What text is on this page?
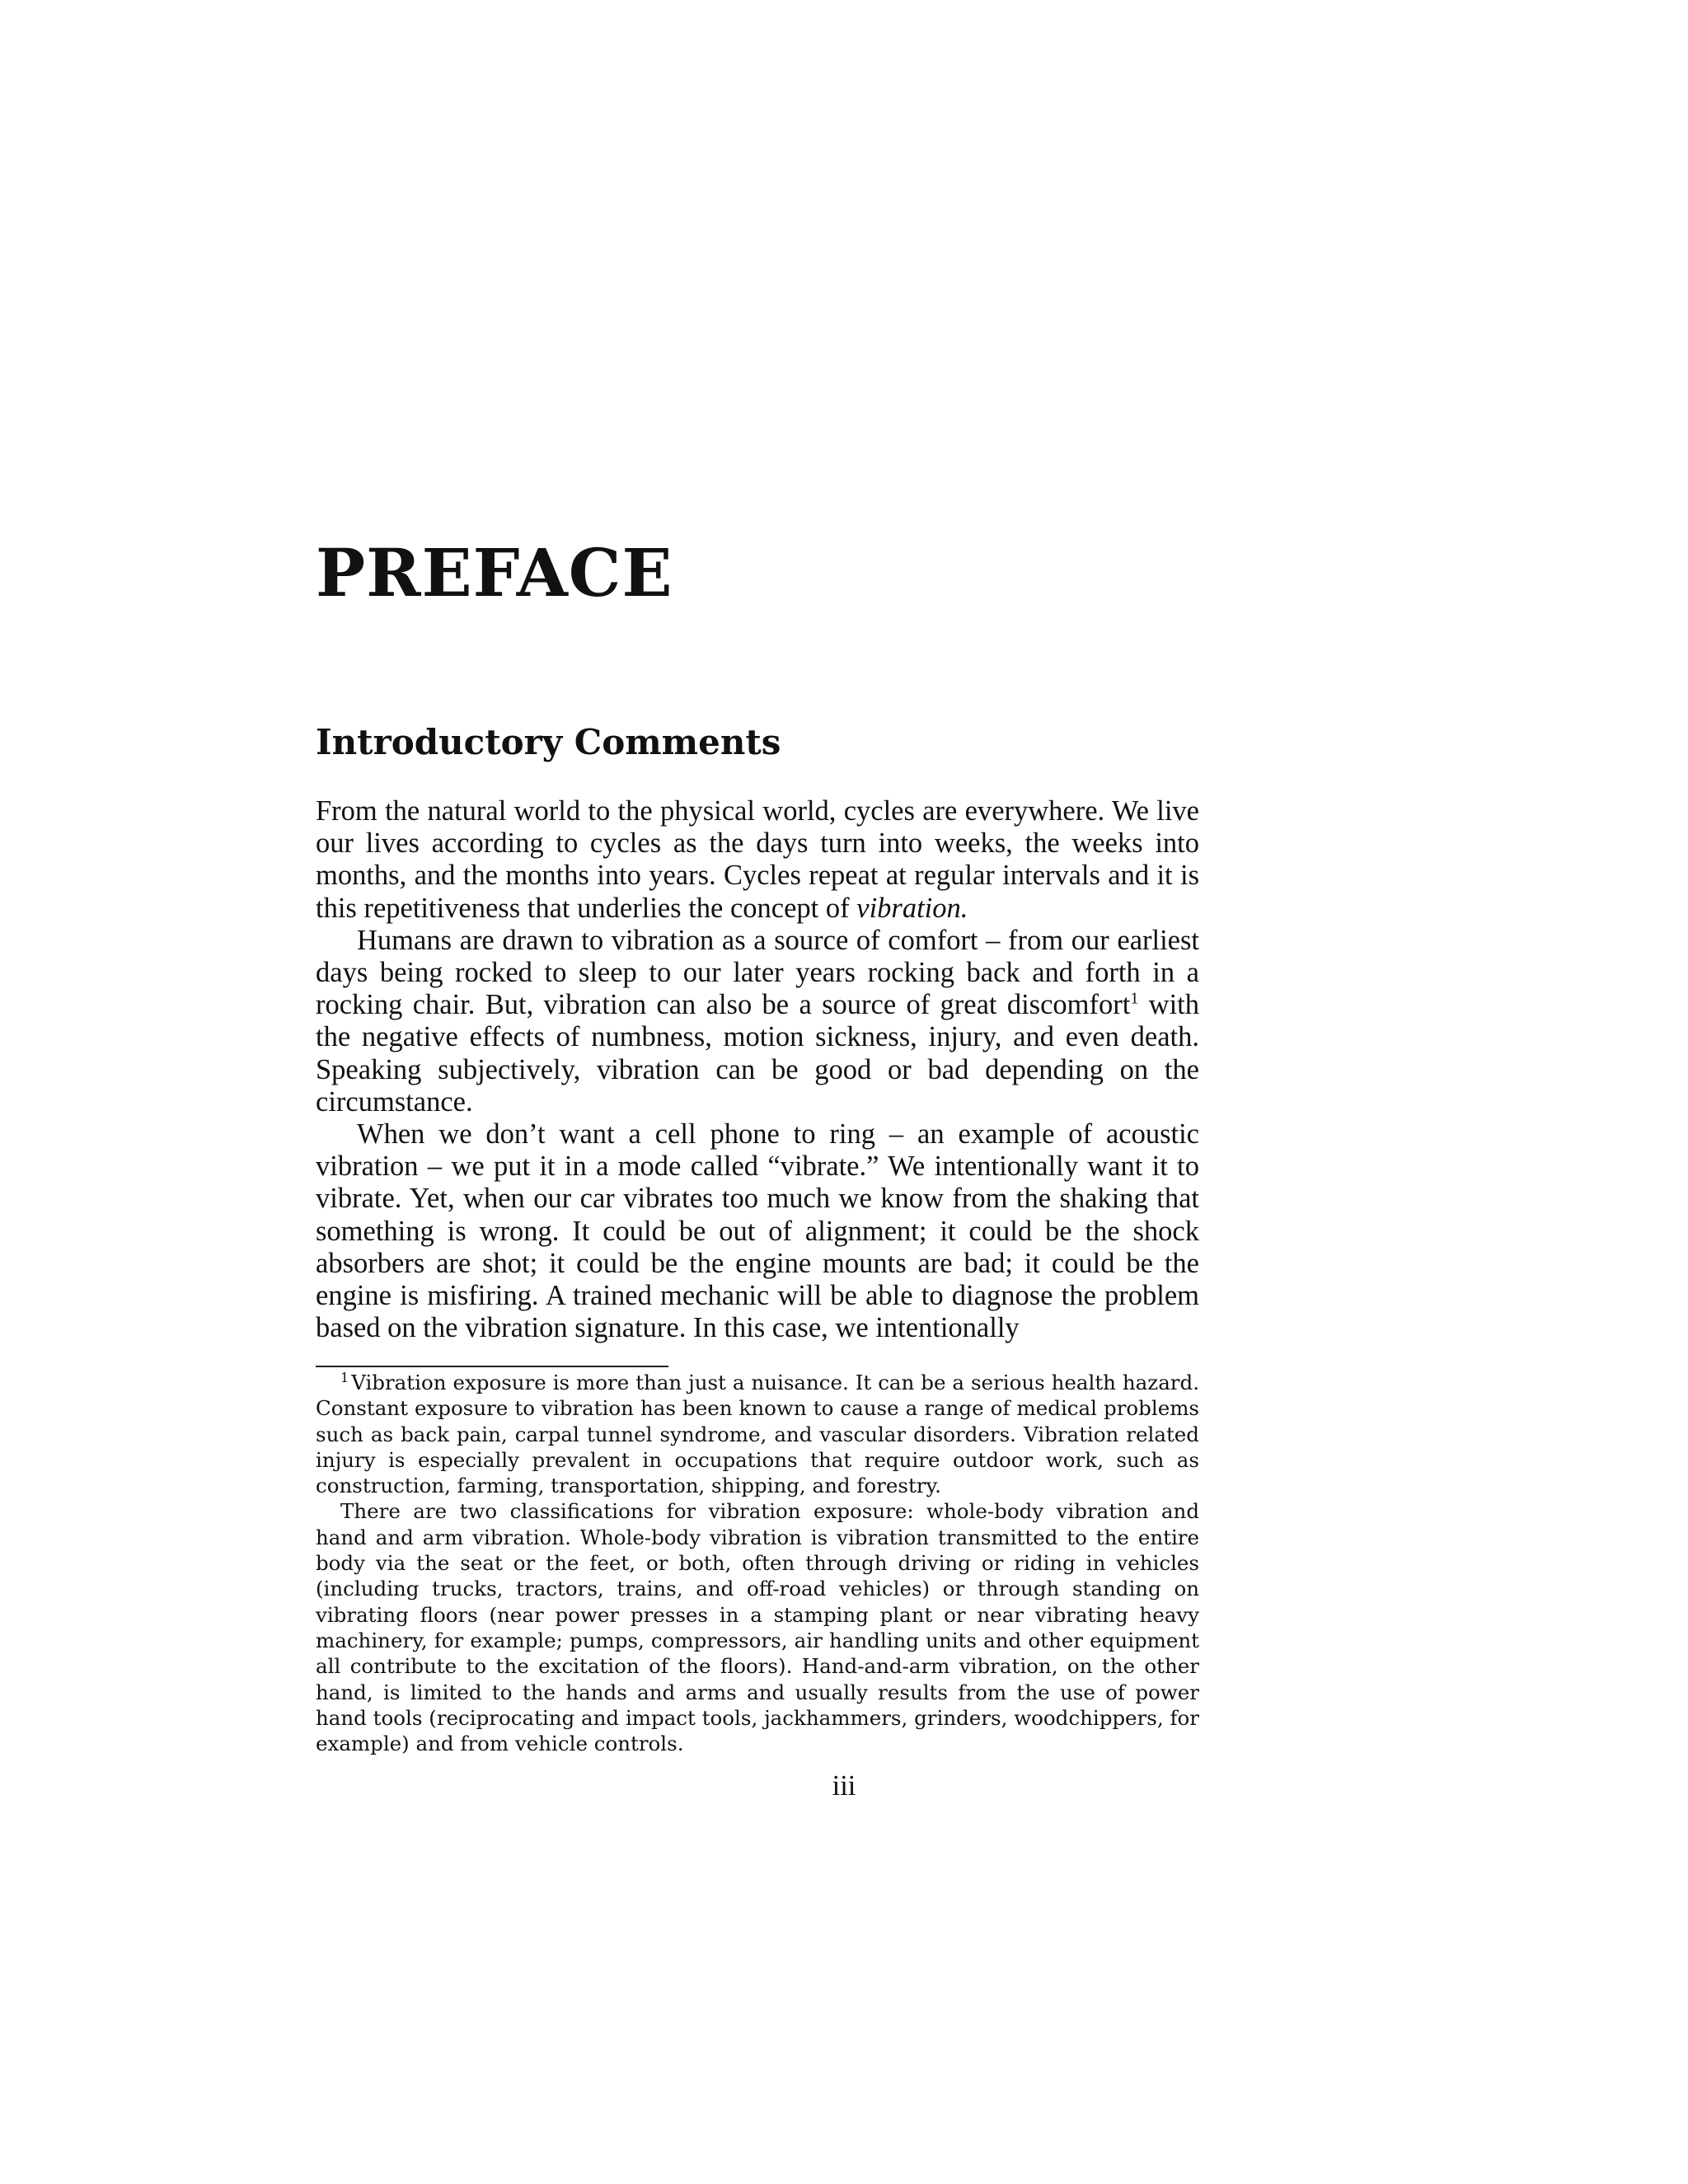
PREFACE
Introductory Comments

From the natural world to the physical world, cycles are everywhere. We live our lives according to cycles as the days turn into weeks, the weeks into months, and the months into years. Cycles repeat at regular intervals and it is this repetitiveness that underlies the concept of vibration.

Humans are drawn to vibration as a source of comfort – from our earliest days being rocked to sleep to our later years rocking back and forth in a rocking chair. But, vibration can also be a source of great discomfort$^1$ with the negative effects of numbness, motion sickness, injury, and even death. Speaking subjectively, vibration can be good or bad depending on the circumstance.

When we don’t want a cell phone to ring – an example of acoustic vibration – we put it in a mode called “vibrate.” We intentionally want it to vibrate. Yet, when our car vibrates too much we know from the shaking that something is wrong. It could be out of alignment; it could be the shock absorbers are shot; it could be the engine mounts are bad; it could be the engine is misfiring. A trained mechanic will be able to diagnose the problem based on the vibration signature. In this case, we intentionally

$^1$ Vibration exposure is more than just a nuisance. It can be a serious health hazard. Constant exposure to vibration has been known to cause a range of medical problems such as back pain, carpal tunnel syndrome, and vascular disorders. Vibration related injury is especially prevalent in occupations that require outdoor work, such as construction, farming, transportation, shipping, and forestry.

There are two classifications for vibration exposure: whole-body vibration and hand and arm vibration. Whole-body vibration is vibration transmitted to the entire body via the seat or the feet, or both, often through driving or riding in vehicles (including trucks, tractors, trains, and off-road vehicles) or through standing on vibrating floors (near power presses in a stamping plant or near vibrating heavy machinery, for example; pumps, compressors, air handling units and other equipment all contribute to the excitation of the floors). Hand-and-arm vibration, on the other hand, is limited to the hands and arms and usually results from the use of power hand tools (reciprocating and impact tools, jackhammers, grinders, woodchippers, for example) and from vehicle controls.

iii
